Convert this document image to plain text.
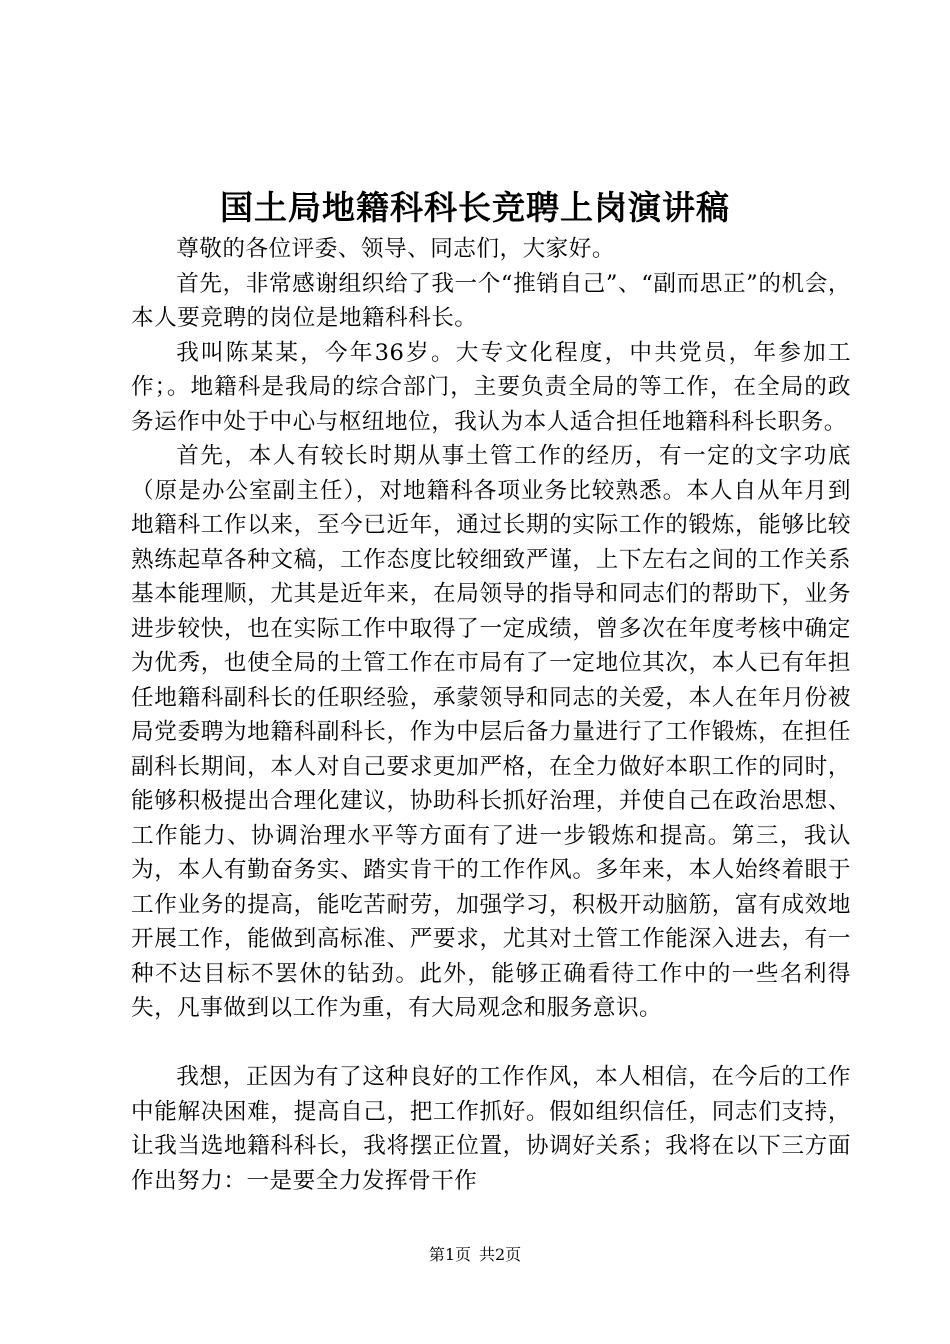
国土局地籍科科长竞聘上岗演讲稿

尊敬的各位评委、领导、同志们，大家好。

首先，非常感谢组织给了我一个“推销自己”、“副而思正”的机会，本人要竞聘的岗位是地籍科科长。

我叫陈某某，今年36岁。大专文化程度，中共党员，年参加工作；。地籍科是我局的综合部门，主要负责全局的等工作，在全局的政务运作中处于中心与枢纽地位，我认为本人适合担任地籍科科长职务。

首先，本人有较长时期从事土管工作的经历，有一定的文字功底（原是办公室副主任），对地籍科各项业务比较熟悉。本人自从年月到地籍科工作以来，至今已近年，通过长期的实际工作的锻炼，能够比较熟练起草各种文稿，工作态度比较细致严谨，上下左右之间的工作关系基本能理顺，尤其是近年来，在局领导的指导和同志们的帮助下，业务进步较快，也在实际工作中取得了一定成绩，曾多次在年度考核中确定为优秀，也使全局的土管工作在市局有了一定地位其次，本人已有年担任地籍科副科长的任职经验，承蒙领导和同志的关爱，本人在年月份被局党委聘为地籍科副科长，作为中层后备力量进行了工作锻炼，在担任副科长期间，本人对自己要求更加严格，在全力做好本职工作的同时，能够积极提出合理化建议，协助科长抓好治理，并使自己在政治思想、工作能力、协调治理水平等方面有了进一步锻炼和提高。第三，我认为，本人有勤奋务实、踏实肯干的工作作风。多年来，本人始终着眼于工作业务的提高，能吃苦耐劳，加强学习，积极开动脑筋，富有成效地开展工作，能做到高标准、严要求，尤其对土管工作能深入进去，有一种不达目标不罢休的钻劲。此外，能够正确看待工作中的一些名利得失，凡事做到以工作为重，有大局观念和服务意识。

我想，正因为有了这种良好的工作作风，本人相信，在今后的工作中能解决困难，提高自己，把工作抓好。假如组织信任，同志们支持，让我当选地籍科科长，我将摆正位置，协调好关系；我将在以下三方面作出努力：一是要全力发挥骨干作

第1页 共2页
